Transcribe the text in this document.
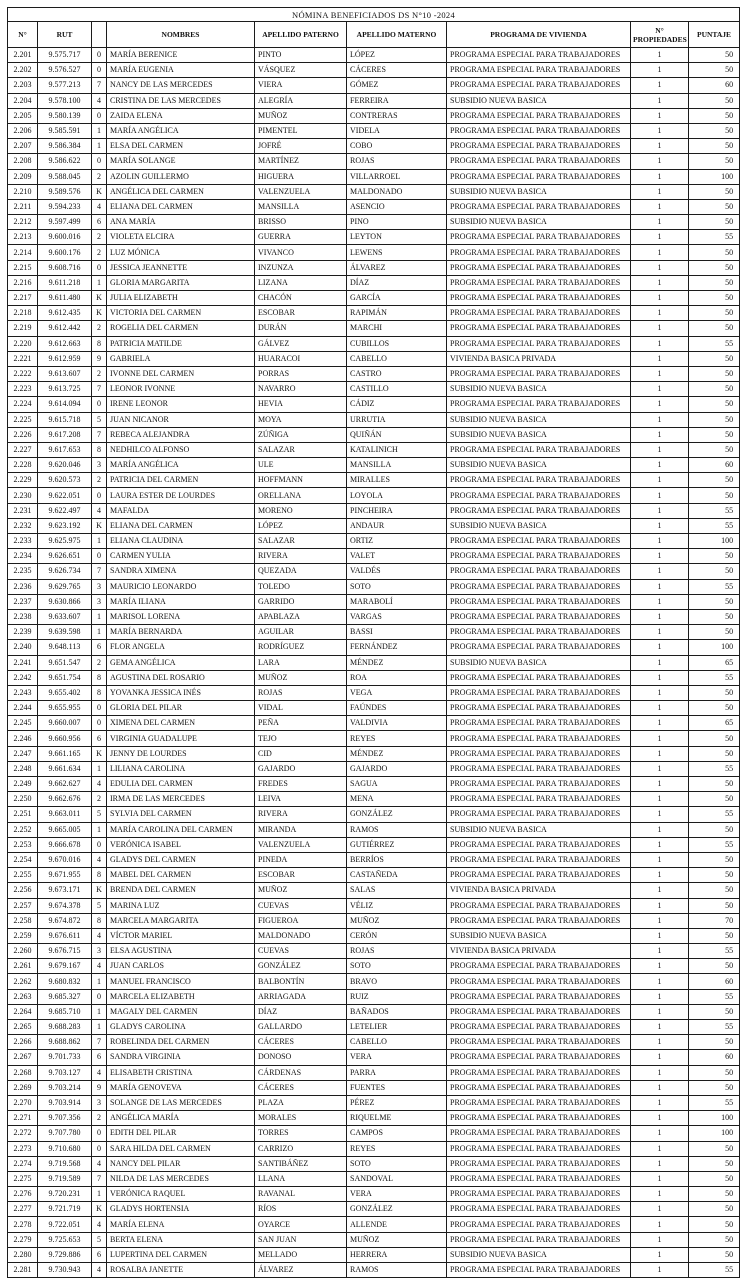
NÓMINA BENEFICIADOS DS N°10 -2024								
N°	RUT		NOMBRES	APELLIDO PATERNO	APELLIDO MATERNO	PROGRAMA DE VIVIENDA	N° PROPIEDADES	PUNTAJE
2.201	9.575.717	0	MARÍA BERENICE	PINTO	LÓPEZ	PROGRAMA ESPECIAL PARA TRABAJADORES	1	50
2.202	9.576.527	0	MARÍA EUGENIA	VÁSQUEZ	CÁCERES	PROGRAMA ESPECIAL PARA TRABAJADORES	1	50
2.203	9.577.213	7	NANCY DE LAS MERCEDES	VIERA	GÓMEZ	PROGRAMA ESPECIAL PARA TRABAJADORES	1	60
2.204	9.578.100	4	CRISTINA DE LAS MERCEDES	ALEGRÍA	FERREIRA	SUBSIDIO NUEVA BASICA	1	50
2.205	9.580.139	0	ZAIDA ELENA	MUÑOZ	CONTRERAS	PROGRAMA ESPECIAL PARA TRABAJADORES	1	50
2.206	9.585.591	1	MARÍA ANGÉLICA	PIMENTEL	VIDELA	PROGRAMA ESPECIAL PARA TRABAJADORES	1	50
2.207	9.586.384	1	ELSA DEL CARMEN	JOFRÉ	COBO	PROGRAMA ESPECIAL PARA TRABAJADORES	1	50
2.208	9.586.622	0	MARÍA SOLANGE	MARTÍNEZ	ROJAS	PROGRAMA ESPECIAL PARA TRABAJADORES	1	50
2.209	9.588.045	2	AZOLIN GUILLERMO	HIGUERA	VILLARROEL	PROGRAMA ESPECIAL PARA TRABAJADORES	1	100
2.210	9.589.576	K	ANGÉLICA DEL CARMEN	VALENZUELA	MALDONADO	SUBSIDIO NUEVA BASICA	1	50
2.211	9.594.233	4	ELIANA DEL CARMEN	MANSILLA	ASENCIO	PROGRAMA ESPECIAL PARA TRABAJADORES	1	50
2.212	9.597.499	6	ANA MARÍA	BRISSO	PINO	SUBSIDIO NUEVA BASICA	1	50
2.213	9.600.016	2	VIOLETA ELCIRA	GUERRA	LEYTON	PROGRAMA ESPECIAL PARA TRABAJADORES	1	55
2.214	9.600.176	2	LUZ MÓNICA	VIVANCO	LEWENS	PROGRAMA ESPECIAL PARA TRABAJADORES	1	50
2.215	9.608.716	0	JESSICA JEANNETTE	INZUNZA	ÁLVAREZ	PROGRAMA ESPECIAL PARA TRABAJADORES	1	50
2.216	9.611.218	1	GLORIA MARGARITA	LIZANA	DÍAZ	PROGRAMA ESPECIAL PARA TRABAJADORES	1	50
2.217	9.611.480	K	JULIA ELIZABETH	CHACÓN	GARCÍA	PROGRAMA ESPECIAL PARA TRABAJADORES	1	50
2.218	9.612.435	K	VICTORIA DEL CARMEN	ESCOBAR	RAPIMÁN	PROGRAMA ESPECIAL PARA TRABAJADORES	1	50
2.219	9.612.442	2	ROGELIA DEL CARMEN	DURÁN	MARCHI	PROGRAMA ESPECIAL PARA TRABAJADORES	1	50
2.220	9.612.663	8	PATRICIA MATILDE	GÁLVEZ	CUBILLOS	PROGRAMA ESPECIAL PARA TRABAJADORES	1	55
2.221	9.612.959	9	GABRIELA	HUARACOI	CABELLO	VIVIENDA BASICA PRIVADA	1	50
2.222	9.613.607	2	IVONNE DEL CARMEN	PORRAS	CASTRO	PROGRAMA ESPECIAL PARA TRABAJADORES	1	50
2.223	9.613.725	7	LEONOR IVONNE	NAVARRO	CASTILLO	SUBSIDIO NUEVA BASICA	1	50
2.224	9.614.094	0	IRENE LEONOR	HEVIA	CÁDIZ	PROGRAMA ESPECIAL PARA TRABAJADORES	1	50
2.225	9.615.718	5	JUAN NICANOR	MOYA	URRUTIA	SUBSIDIO NUEVA BASICA	1	50
2.226	9.617.208	7	REBECA ALEJANDRA	ZÚÑIGA	QUIÑÁN	SUBSIDIO NUEVA BASICA	1	50
2.227	9.617.653	8	NEDHILCO ALFONSO	SALAZAR	KATALINICH	PROGRAMA ESPECIAL PARA TRABAJADORES	1	50
2.228	9.620.046	3	MARÍA ANGÉLICA	ULE	MANSILLA	SUBSIDIO NUEVA BASICA	1	60
2.229	9.620.573	2	PATRICIA DEL CARMEN	HOFFMANN	MIRALLES	PROGRAMA ESPECIAL PARA TRABAJADORES	1	50
2.230	9.622.051	0	LAURA ESTER DE LOURDES	ORELLANA	LOYOLA	PROGRAMA ESPECIAL PARA TRABAJADORES	1	50
2.231	9.622.497	4	MAFALDA	MORENO	PINCHEIRA	PROGRAMA ESPECIAL PARA TRABAJADORES	1	55
2.232	9.623.192	K	ELIANA DEL CARMEN	LÓPEZ	ANDAUR	SUBSIDIO NUEVA BASICA	1	55
2.233	9.625.975	1	ELIANA CLAUDINA	SALAZAR	ORTIZ	PROGRAMA ESPECIAL PARA TRABAJADORES	1	100
2.234	9.626.651	0	CARMEN YULIA	RIVERA	VALET	PROGRAMA ESPECIAL PARA TRABAJADORES	1	50
2.235	9.626.734	7	SANDRA XIMENA	QUEZADA	VALDÉS	PROGRAMA ESPECIAL PARA TRABAJADORES	1	50
2.236	9.629.765	3	MAURICIO LEONARDO	TOLEDO	SOTO	PROGRAMA ESPECIAL PARA TRABAJADORES	1	55
2.237	9.630.866	3	MARÍA ILIANA	GARRIDO	MARABOLÍ	PROGRAMA ESPECIAL PARA TRABAJADORES	1	50
2.238	9.633.607	1	MARISOL LORENA	APABLAZA	VARGAS	PROGRAMA ESPECIAL PARA TRABAJADORES	1	50
2.239	9.639.598	1	MARÍA BERNARDA	AGUILAR	BASSI	PROGRAMA ESPECIAL PARA TRABAJADORES	1	50
2.240	9.648.113	6	FLOR ANGELA	RODRÍGUEZ	FERNÁNDEZ	PROGRAMA ESPECIAL PARA TRABAJADORES	1	100
2.241	9.651.547	2	GEMA ANGÉLICA	LARA	MÉNDEZ	SUBSIDIO NUEVA BASICA	1	65
2.242	9.651.754	8	AGUSTINA DEL ROSARIO	MUÑOZ	ROA	PROGRAMA ESPECIAL PARA TRABAJADORES	1	55
2.243	9.655.402	8	YOVANKA JESSICA INÉS	ROJAS	VEGA	PROGRAMA ESPECIAL PARA TRABAJADORES	1	50
2.244	9.655.955	0	GLORIA DEL PILAR	VIDAL	FAÚNDES	PROGRAMA ESPECIAL PARA TRABAJADORES	1	50
2.245	9.660.007	0	XIMENA DEL CARMEN	PEÑA	VALDIVIA	PROGRAMA ESPECIAL PARA TRABAJADORES	1	65
2.246	9.660.956	6	VIRGINIA GUADALUPE	TEJO	REYES	PROGRAMA ESPECIAL PARA TRABAJADORES	1	50
2.247	9.661.165	K	JENNY DE LOURDES	CID	MÉNDEZ	PROGRAMA ESPECIAL PARA TRABAJADORES	1	50
2.248	9.661.634	1	LILIANA CAROLINA	GAJARDO	GAJARDO	PROGRAMA ESPECIAL PARA TRABAJADORES	1	55
2.249	9.662.627	4	EDULIA DEL CARMEN	FREDES	SAGUA	PROGRAMA ESPECIAL PARA TRABAJADORES	1	50
2.250	9.662.676	2	IRMA DE LAS MERCEDES	LEIVA	MENA	PROGRAMA ESPECIAL PARA TRABAJADORES	1	50
2.251	9.663.011	5	SYLVIA DEL CARMEN	RIVERA	GONZÁLEZ	PROGRAMA ESPECIAL PARA TRABAJADORES	1	55
2.252	9.665.005	1	MARÍA CAROLINA DEL CARMEN	MIRANDA	RAMOS	SUBSIDIO NUEVA BASICA	1	50
2.253	9.666.678	0	VERÓNICA ISABEL	VALENZUELA	GUTIÉRREZ	PROGRAMA ESPECIAL PARA TRABAJADORES	1	55
2.254	9.670.016	4	GLADYS DEL CARMEN	PINEDA	BERRÍOS	PROGRAMA ESPECIAL PARA TRABAJADORES	1	50
2.255	9.671.955	8	MABEL DEL CARMEN	ESCOBAR	CASTAÑEDA	PROGRAMA ESPECIAL PARA TRABAJADORES	1	50
2.256	9.673.171	K	BRENDA DEL CARMEN	MUÑOZ	SALAS	VIVIENDA BASICA PRIVADA	1	50
2.257	9.674.378	5	MARINA LUZ	CUEVAS	VÉLIZ	PROGRAMA ESPECIAL PARA TRABAJADORES	1	50
2.258	9.674.872	8	MARCELA MARGARITA	FIGUEROA	MUÑOZ	PROGRAMA ESPECIAL PARA TRABAJADORES	1	70
2.259	9.676.611	4	VÍCTOR MARIEL	MALDONADO	CERÓN	SUBSIDIO NUEVA BASICA	1	50
2.260	9.676.715	3	ELSA AGUSTINA	CUEVAS	ROJAS	VIVIENDA BASICA PRIVADA	1	55
2.261	9.679.167	4	JUAN CARLOS	GONZÁLEZ	SOTO	PROGRAMA ESPECIAL PARA TRABAJADORES	1	50
2.262	9.680.832	1	MANUEL FRANCISCO	BALBONTÍN	BRAVO	PROGRAMA ESPECIAL PARA TRABAJADORES	1	60
2.263	9.685.327	0	MARCELA ELIZABETH	ARRIAGADA	RUIZ	PROGRAMA ESPECIAL PARA TRABAJADORES	1	55
2.264	9.685.710	1	MAGALY DEL CARMEN	DÍAZ	BAÑADOS	PROGRAMA ESPECIAL PARA TRABAJADORES	1	50
2.265	9.688.283	1	GLADYS CAROLINA	GALLARDO	LETELIER	PROGRAMA ESPECIAL PARA TRABAJADORES	1	55
2.266	9.688.862	7	ROBELINDA DEL CARMEN	CÁCERES	CABELLO	PROGRAMA ESPECIAL PARA TRABAJADORES	1	50
2.267	9.701.733	6	SANDRA VIRGINIA	DONOSO	VERA	PROGRAMA ESPECIAL PARA TRABAJADORES	1	60
2.268	9.703.127	4	ELISABETH CRISTINA	CÁRDENAS	PARRA	PROGRAMA ESPECIAL PARA TRABAJADORES	1	50
2.269	9.703.214	9	MARÍA GENOVEVA	CÁCERES	FUENTES	PROGRAMA ESPECIAL PARA TRABAJADORES	1	50
2.270	9.703.914	3	SOLANGE DE LAS MERCEDES	PLAZA	PÉREZ	PROGRAMA ESPECIAL PARA TRABAJADORES	1	55
2.271	9.707.356	2	ANGÉLICA MARÍA	MORALES	RIQUELME	PROGRAMA ESPECIAL PARA TRABAJADORES	1	100
2.272	9.707.780	0	EDITH DEL PILAR	TORRES	CAMPOS	PROGRAMA ESPECIAL PARA TRABAJADORES	1	100
2.273	9.710.680	0	SARA HILDA DEL CARMEN	CARRIZO	REYES	PROGRAMA ESPECIAL PARA TRABAJADORES	1	50
2.274	9.719.568	4	NANCY DEL PILAR	SANTIBÁÑEZ	SOTO	PROGRAMA ESPECIAL PARA TRABAJADORES	1	50
2.275	9.719.589	7	NILDA DE LAS MERCEDES	LLANA	SANDOVAL	PROGRAMA ESPECIAL PARA TRABAJADORES	1	50
2.276	9.720.231	1	VERÓNICA RAQUEL	RAVANAL	VERA	PROGRAMA ESPECIAL PARA TRABAJADORES	1	50
2.277	9.721.719	K	GLADYS HORTENSIA	RÍOS	GONZÁLEZ	PROGRAMA ESPECIAL PARA TRABAJADORES	1	50
2.278	9.722.051	4	MARÍA ELENA	OYARCE	ALLENDE	PROGRAMA ESPECIAL PARA TRABAJADORES	1	50
2.279	9.725.653	5	BERTA ELENA	SAN JUAN	MUÑOZ	PROGRAMA ESPECIAL PARA TRABAJADORES	1	50
2.280	9.729.886	6	LUPERTINA DEL CARMEN	MELLADO	HERRERA	SUBSIDIO NUEVA BASICA	1	50
2.281	9.730.943	4	ROSALBA JANETTE	ÁLVAREZ	RAMOS	PROGRAMA ESPECIAL PARA TRABAJADORES	1	55
